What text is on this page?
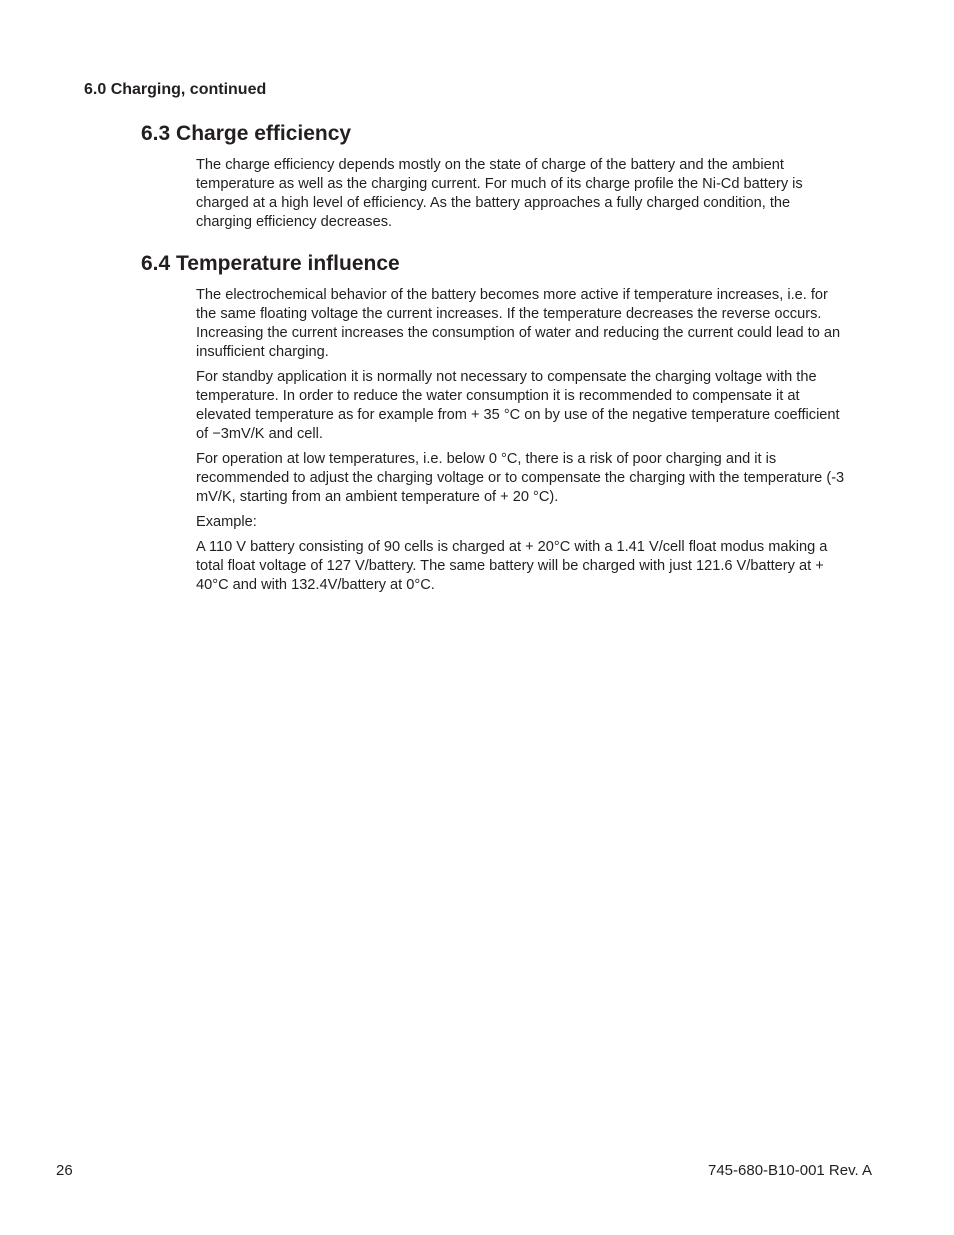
6.0 Charging, continued
6.3 Charge efficiency

The charge efficiency depends mostly on the state of charge of the battery and the ambient temperature as well as the charging current. For much of its charge profile the Ni-Cd battery is charged at a high level of efficiency. As the battery approaches a fully charged condition, the charging efficiency decreases.

6.4 Temperature influence

The electrochemical behavior of the battery becomes more active if temperature increases, i.e. for the same floating voltage the current increases. If the temperature decreases the reverse occurs. Increasing the current increases the consumption of water and reducing the current could lead to an insufficient charging.

For standby application it is normally not necessary to compensate the charging voltage with the temperature. In order to reduce the water consumption it is recommended to compensate it at elevated temperature as for example from + 35 °C on by use of the negative temperature coefficient of −3mV/K and cell.

For operation at low temperatures, i.e. below 0 °C, there is a risk of poor charging and it is recommended to adjust the charging voltage or to compensate the charging with the temperature (-3 mV/K, starting from an ambient temperature of + 20 °C).

Example:

A 110 V battery consisting of 90 cells is charged at + 20°C with a 1.41 V/cell float modus making a total float voltage of 127 V/battery. The same battery will be charged with just 121.6 V/battery at + 40°C and with 132.4V/battery at 0°C.

26	745-680-B10-001 Rev. A
